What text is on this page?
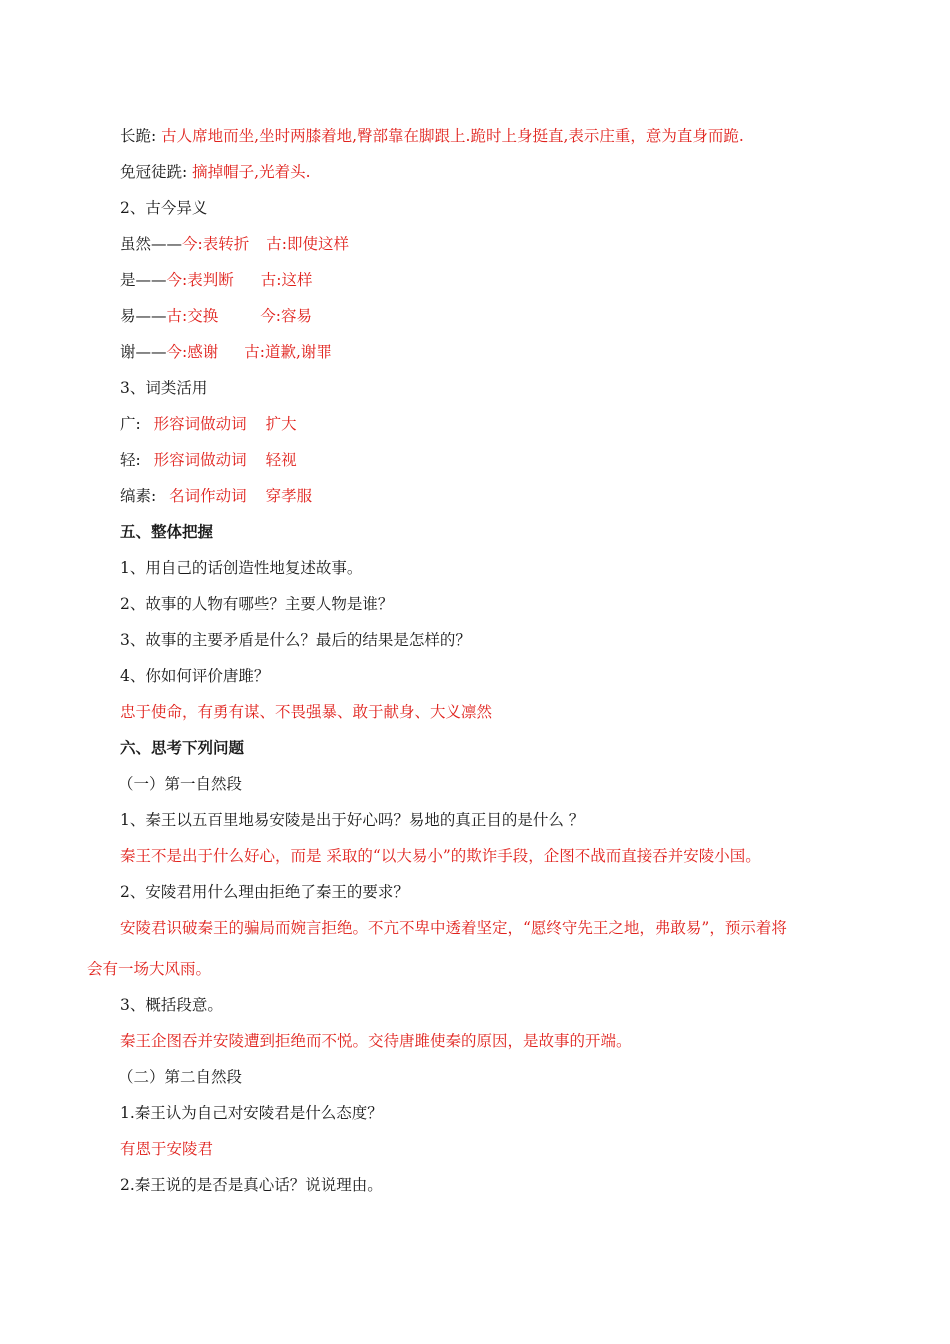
长跪: 古人席地而坐,坐时两膝着地,臀部靠在脚跟上.跪时上身挺直,表示庄重，意为直身而跪.
免冠徒跣: 摘掉帽子,光着头.
2、古今异义
虽然——今:表转折 古:即使这样
是——今:表判断 古:这样
易——古:交换	今:容易
谢——今:感谢 古:道歉,谢罪
3、词类活用
广: 形容词做动词 扩大
轻: 形容词做动词 轻视
缟素: 名词作动词 穿孝服
五、整体把握
1、用自己的话创造性地复述故事。
2、故事的人物有哪些？主要人物是谁？
3、故事的主要矛盾是什么？最后的结果是怎样的？
4、你如何评价唐雎？
忠于使命，有勇有谋、不畏强暴、敢于献身、大义凛然
六、思考下列问题
（一）第一自然段
1、秦王以五百里地易安陵是出于好心吗？易地的真正目的是什么 ？
秦王不是出于什么好心，而是 采取的“以大易小”的欺诈手段，企图不战而直接吞并安陵小国。
2、安陵君用什么理由拒绝了秦王的要求？
安陵君识破秦王的骗局而婉言拒绝。不亢不卑中透着坚定，“愿终守先王之地，弗敢易”，预示着将
会有一场大风雨。
3、概括段意。
秦王企图吞并安陵遭到拒绝而不悦。交待唐雎使秦的原因，是故事的开端。
（二）第二自然段
1.秦王认为自己对安陵君是什么态度？
有恩于安陵君
2.秦王说的是否是真心话？说说理由。
